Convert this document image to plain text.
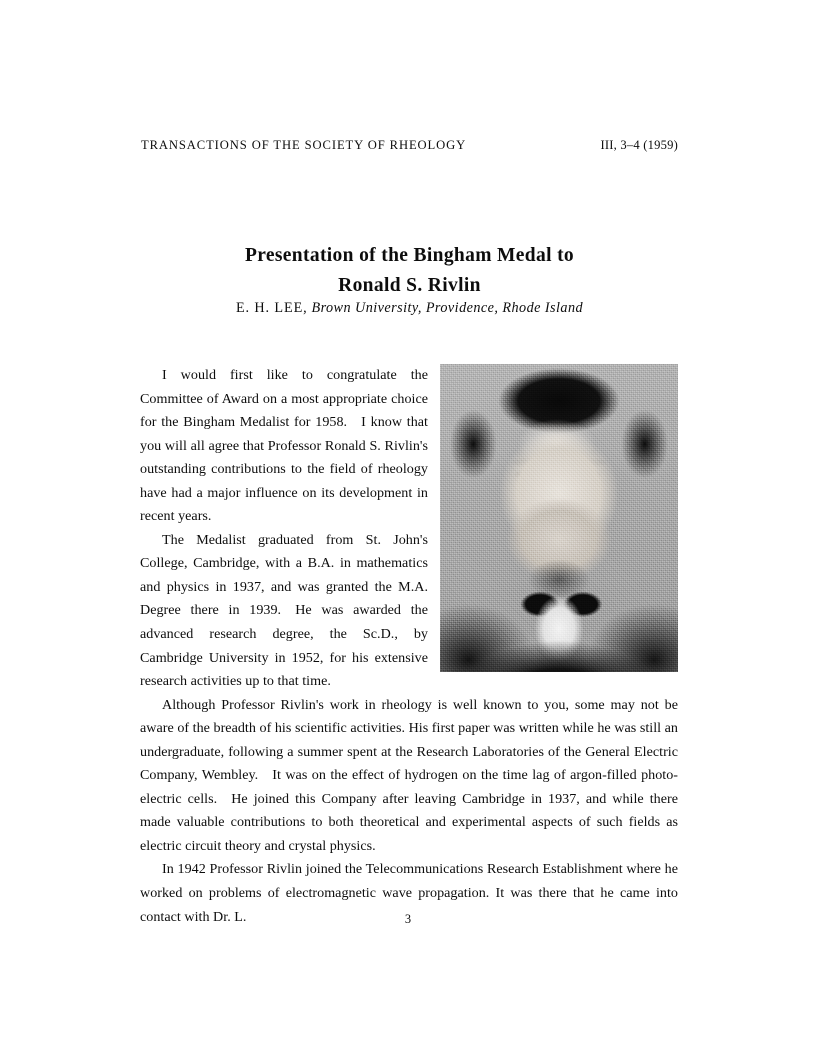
TRANSACTIONS OF THE SOCIETY OF RHEOLOGY	III, 3–4 (1959)
Presentation of the Bingham Medal to
Ronald S. Rivlin
E. H. LEE, Brown University, Providence, Rhode Island

I would first like to congratulate the Committee of Award on a most appropriate choice for the Bingham Medalist for 1958. I know that you will all agree that Professor Ronald S. Rivlin's outstanding contributions to the field of rheology have had a major influence on its development in recent years.

The Medalist graduated from St. John's College, Cambridge, with a B.A. in mathematics and physics in 1937, and was granted the M.A. Degree there in 1939. He was awarded the advanced research degree, the Sc.D., by Cambridge University in 1952, for his extensive research activities up to that time.

Although Professor Rivlin's work in rheology is well known to you, some may not be aware of the breadth of his scientific activities. His first paper was written while he was still an undergraduate, following a summer spent at the Research Laboratories of the General Electric Company, Wembley. It was on the effect of hydrogen on the time lag of argon-filled photo-electric cells. He joined this Company after leaving Cambridge in 1937, and while there made valuable contributions to both theoretical and experimental aspects of such fields as electric circuit theory and crystal physics.

In 1942 Professor Rivlin joined the Telecommunications Research Establishment where he worked on problems of electromagnetic wave propagation. It was there that he came into contact with Dr. L.	3
